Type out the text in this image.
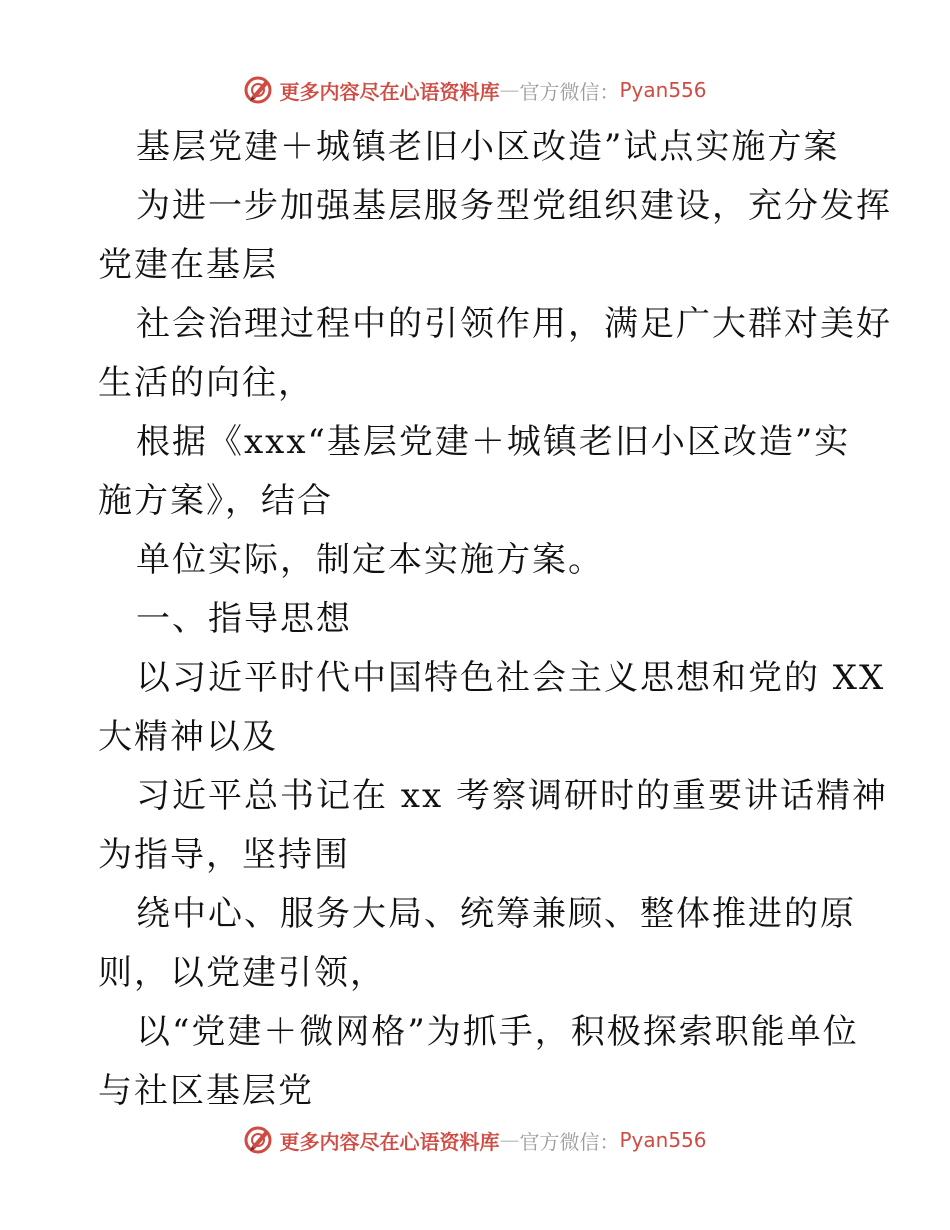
更多内容尽在心语资料库 — 官方微信： Pyan556
基层党建＋城镇老旧小区改造”试点实施方案
为进一步加强基层服务型党组织建设，充分发挥
党建在基层
社会治理过程中的引领作用，满足广大群对美好
生活的向往，
根据《xxx“基层党建＋城镇老旧小区改造”实
施方案》，结合
单位实际，制定本实施方案。
一、指导思想
以习近平时代中国特色社会主义思想和党的 XX
大精神以及
习近平总书记在 xx 考察调研时的重要讲话精神
为指导，坚持围
绕中心、服务大局、统筹兼顾、整体推进的原
则，以党建引领，
以“党建＋微网格”为抓手，积极探索职能单位
与社区基层党
更多内容尽在心语资料库 — 官方微信： Pyan556
